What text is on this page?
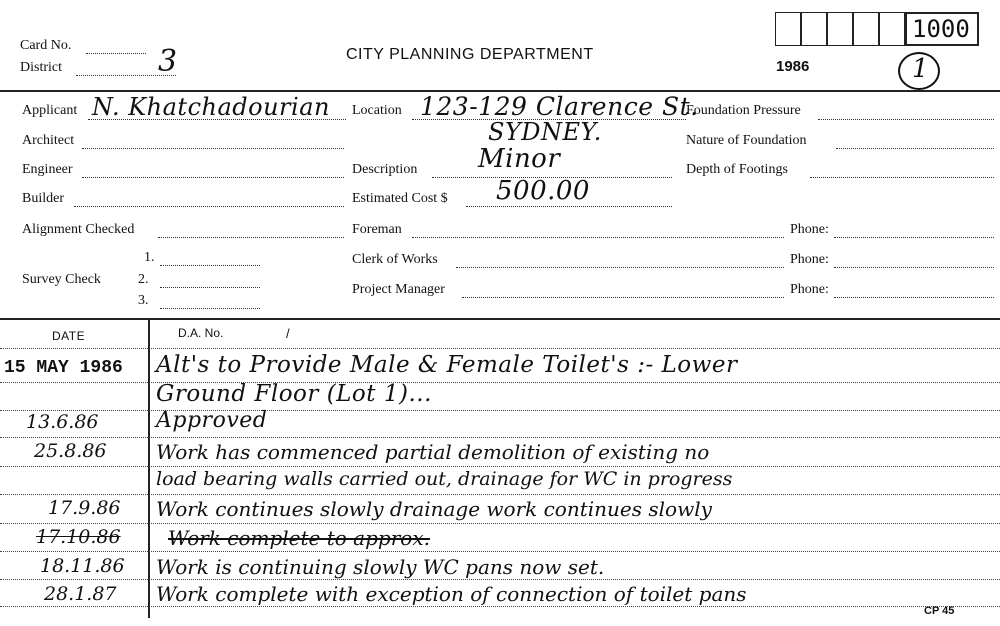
Card No.
District	3	CITY PLANNING DEPARTMENT
1986
1000
1
Applicant N. Khatchadourian
Architect
Engineer
Builder
Alignment Checked
Survey Check
1.
2.
3.
Location 123-129 Clarence St.
SYDNEY.
Description Minor
Estimated Cost $ 500.00
Foreman
Clerk of Works
Project Manager
Foundation Pressure
Nature of Foundation
Depth of Footings
Phone:
Phone:
Phone:
DATE	D.A. No.	/
15 MAY 1986 Alt's to Provide Male & Female Toilet's :- Lower
Ground Floor (Lot 1)...
13.6.86	Approved
25.8.86 Work has commenced partial demolition of existing no
load bearing walls carried out, drainage for WC in progress
17.9.86 Work continues slowly drainage work continues slowly
17.10.86 Work complete to approx.
18.11.86 Work is continuing slowly WC pans now set.
28.1.87 Work complete with exception of connection of toilet pans
CP 45
